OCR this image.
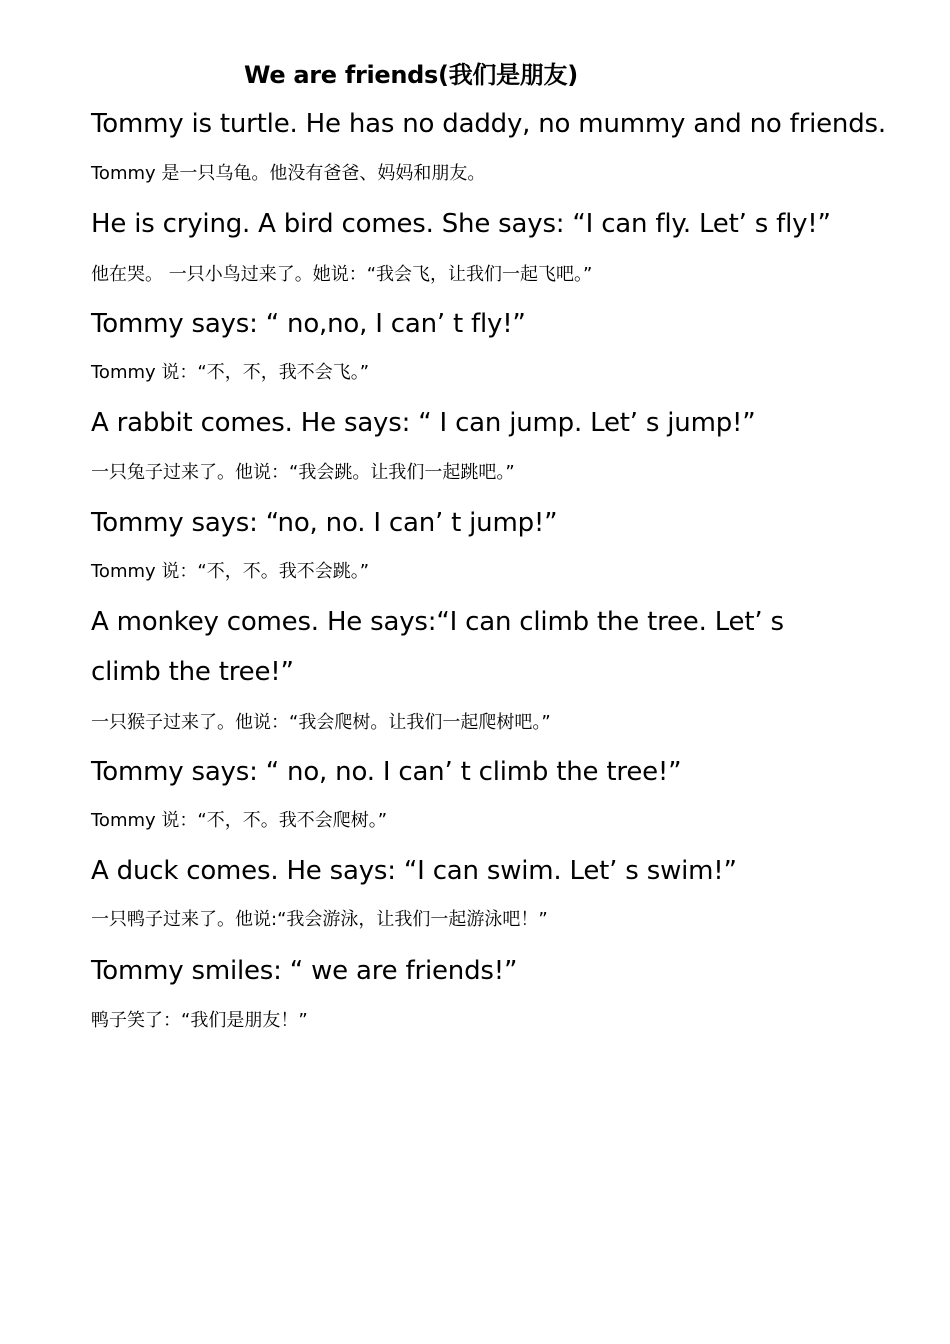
We are friends(我们是朋友)
Tommy is turtle. He has no daddy, no mummy and no friends.
Tommy 是一只乌龟。他没有爸爸、妈妈和朋友。
He is crying. A bird comes. She says: “I can fly. Let’ s fly!”
他在哭。 一只小鸟过来了。她说：“我会飞，让我们一起飞吧。”
Tommy says: “ no,no, I can’ t fly!”
Tommy 说：“不，不，我不会飞。”
A rabbit comes. He says: “ I can jump. Let’ s jump!”
一只兔子过来了。他说：“我会跳。让我们一起跳吧。”
Tommy says: “no, no. I can’ t jump!”
Tommy 说：“不，不。我不会跳。”
A monkey comes. He says:“I can climb the tree. Let’ s climb the tree!”
一只猴子过来了。他说：“我会爬树。让我们一起爬树吧。”
Tommy says: “ no, no. I can’ t climb the tree!”
Tommy 说：“不，不。我不会爬树。”
A duck comes. He says: “I can swim. Let’ s swim!”
一只鸭子过来了。他说:“我会游泳，让我们一起游泳吧！”
Tommy smiles: “ we are friends!”
鸭子笑了：“我们是朋友！”
